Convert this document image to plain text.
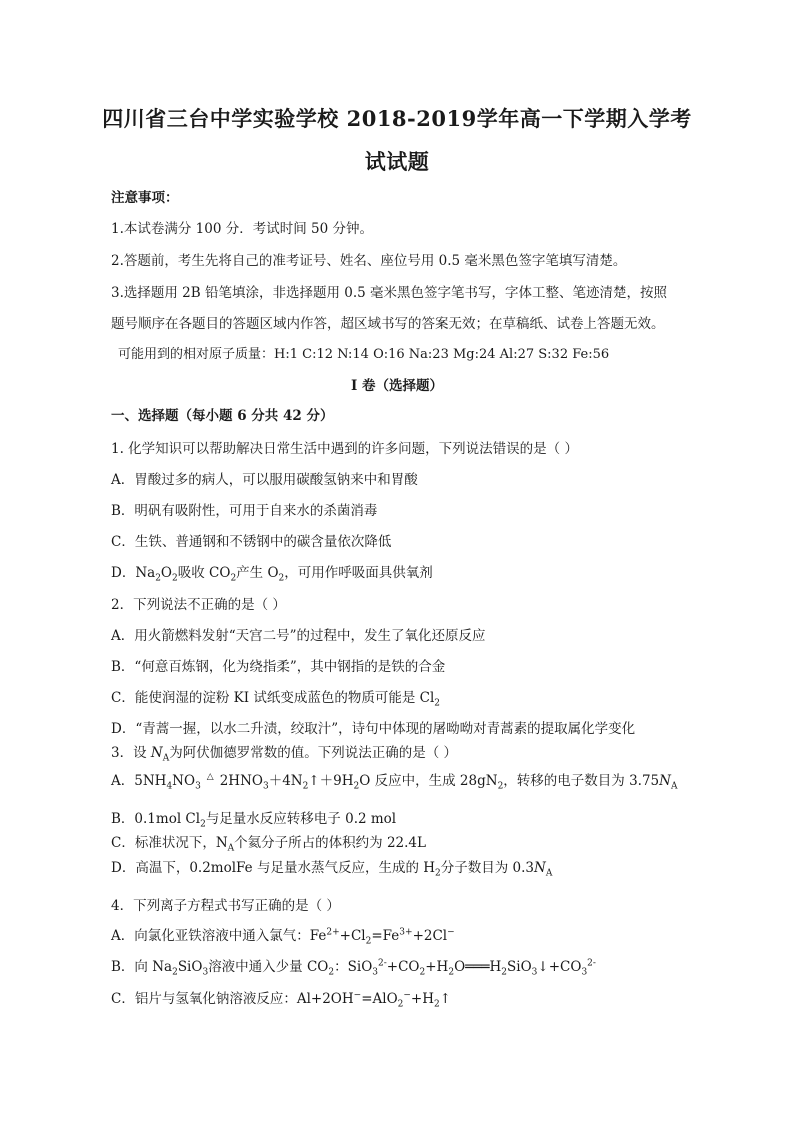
四川省三台中学实验学校 2018-2019学年高一下学期入学考
试试题
注意事项：
1.本试卷满分 100 分．考试时间 50 分钟。
2.答题前，考生先将自己的准考证号、姓名、座位号用 0.5 毫米黑色签字笔填写清楚。
3.选择题用 2B 铅笔填涂，非选择题用 0.5 毫米黑色签字笔书写，字体工整、笔迹清楚，按照
题号顺序在各题目的答题区域内作答，超区域书写的答案无效；在草稿纸、试卷上答题无效。
可能用到的相对原子质量：H:1 C:12 N:14 O:16 Na:23 Mg:24 Al:27 S:32 Fe:56
I 卷（选择题）
一、选择题（每小题 6 分共 42 分）
1. 化学知识可以帮助解决日常生活中遇到的许多问题，下列说法错误的是（ ）
A．胃酸过多的病人，可以服用碳酸氢钠来中和胃酸
B．明矾有吸附性，可用于自来水的杀菌消毒
C．生铁、普通钢和不锈钢中的碳含量依次降低
D．$Na_2O_2$吸收 $CO_2$产生 $O_2$，可用作呼吸面具供氧剂
2．下列说法不正确的是（ ）
A．用火箭燃料发射“天宫二号”的过程中，发生了氧化还原反应
B．“何意百炼钢，化为绕指柔”，其中钢指的是铁的合金
C．能使润湿的淀粉 KI 试纸变成蓝色的物质可能是 $Cl_2$
D．“青蒿一握，以水二升渍，绞取汁”，诗句中体现的屠呦呦对青蒿素的提取属化学变化
3．设 $N_A$为阿伏伽德罗常数的值。下列说法正确的是（ ）
A．$5NH_4NO_3\triangle$ $2HNO_3+4N_2↑+9H_2O$ 反应中，生成 $28gN_2$，转移的电子数目为 $3.75N_A$
B．0.1mol $Cl_2$与足量水反应转移电子 0.2 mol
C．标准状况下，$N_A$个氦分子所占的体积约为 22.4L
D．高温下，0.2molFe 与足量水蒸气反应，生成的 $H_2$分子数目为 $0.3N_A$
4．下列离子方程式书写正确的是（ ）
A．向氯化亚铁溶液中通入氯气：$Fe^{2+}+Cl_2=Fe^{3+}+2Cl^-$
B．向 $Na_2SiO_3$溶液中通入少量 $CO_2$：$SiO_3^{2-}+CO_2+H_2O═══H_2SiO_3↓+CO_3^{2-}$
C．铝片与氢氧化钠溶液反应：$Al+2OH^-=AlO_2^-+H_2↑$
